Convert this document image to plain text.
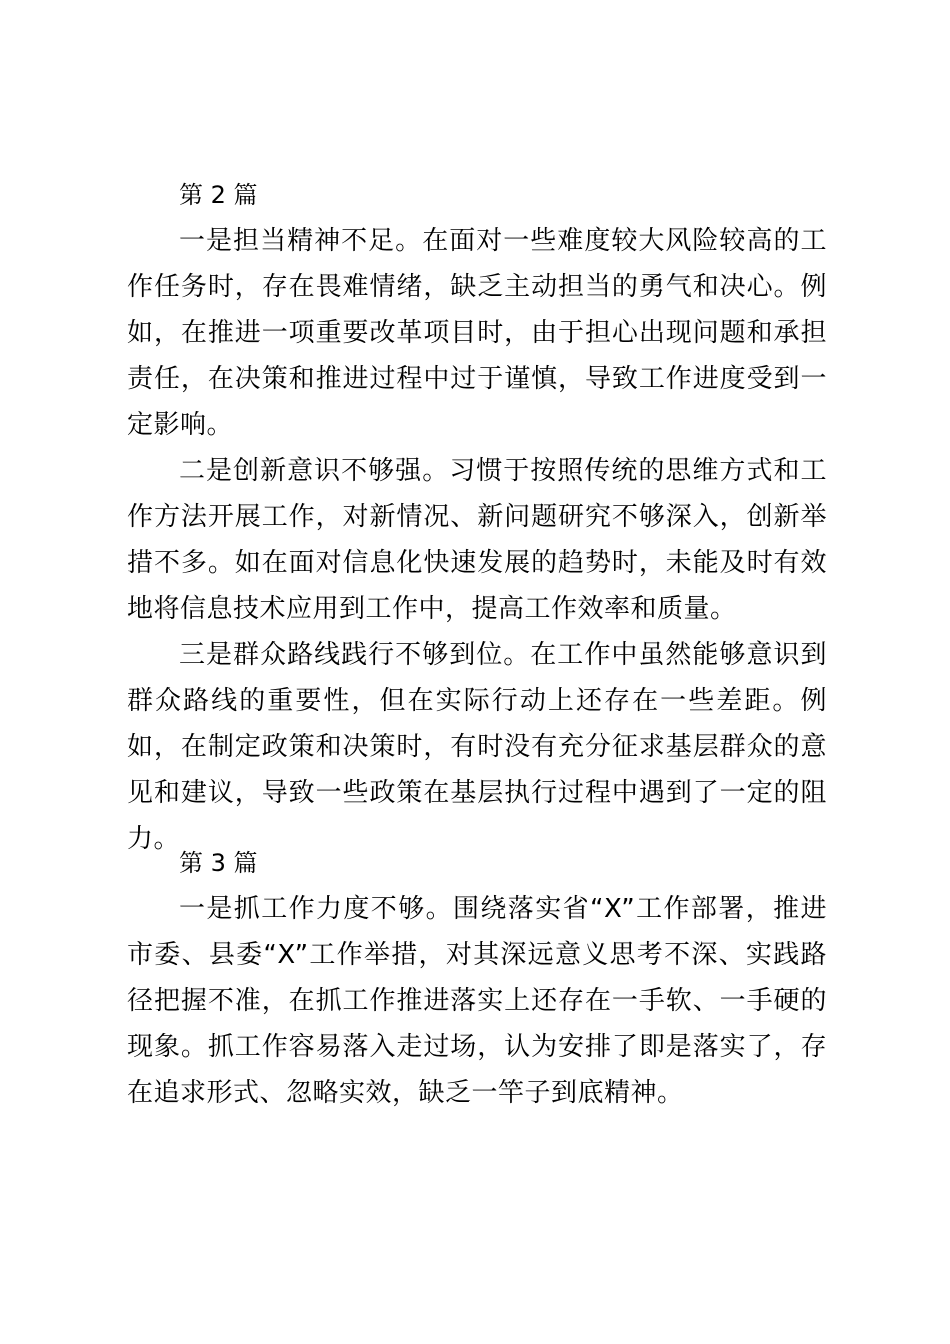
第 2 篇

一是担当精神不足。在面对一些难度较大风险较高的工作任务时，存在畏难情绪，缺乏主动担当的勇气和决心。例如，在推进一项重要改革项目时，由于担心出现问题和承担责任，在决策和推进过程中过于谨慎，导致工作进度受到一定影响。

二是创新意识不够强。习惯于按照传统的思维方式和工作方法开展工作，对新情况、新问题研究不够深入，创新举措不多。如在面对信息化快速发展的趋势时，未能及时有效地将信息技术应用到工作中，提高工作效率和质量。

三是群众路线践行不够到位。在工作中虽然能够意识到群众路线的重要性，但在实际行动上还存在一些差距。例如，在制定政策和决策时，有时没有充分征求基层群众的意见和建议，导致一些政策在基层执行过程中遇到了一定的阻力。

第 3 篇

一是抓工作力度不够。围绕落实省“X”工作部署，推进市委、县委“X”工作举措，对其深远意义思考不深、实践路径把握不准，在抓工作推进落实上还存在一手软、一手硬的现象。抓工作容易落入走过场，认为安排了即是落实了，存在追求形式、忽略实效，缺乏一竿子到底精神。
